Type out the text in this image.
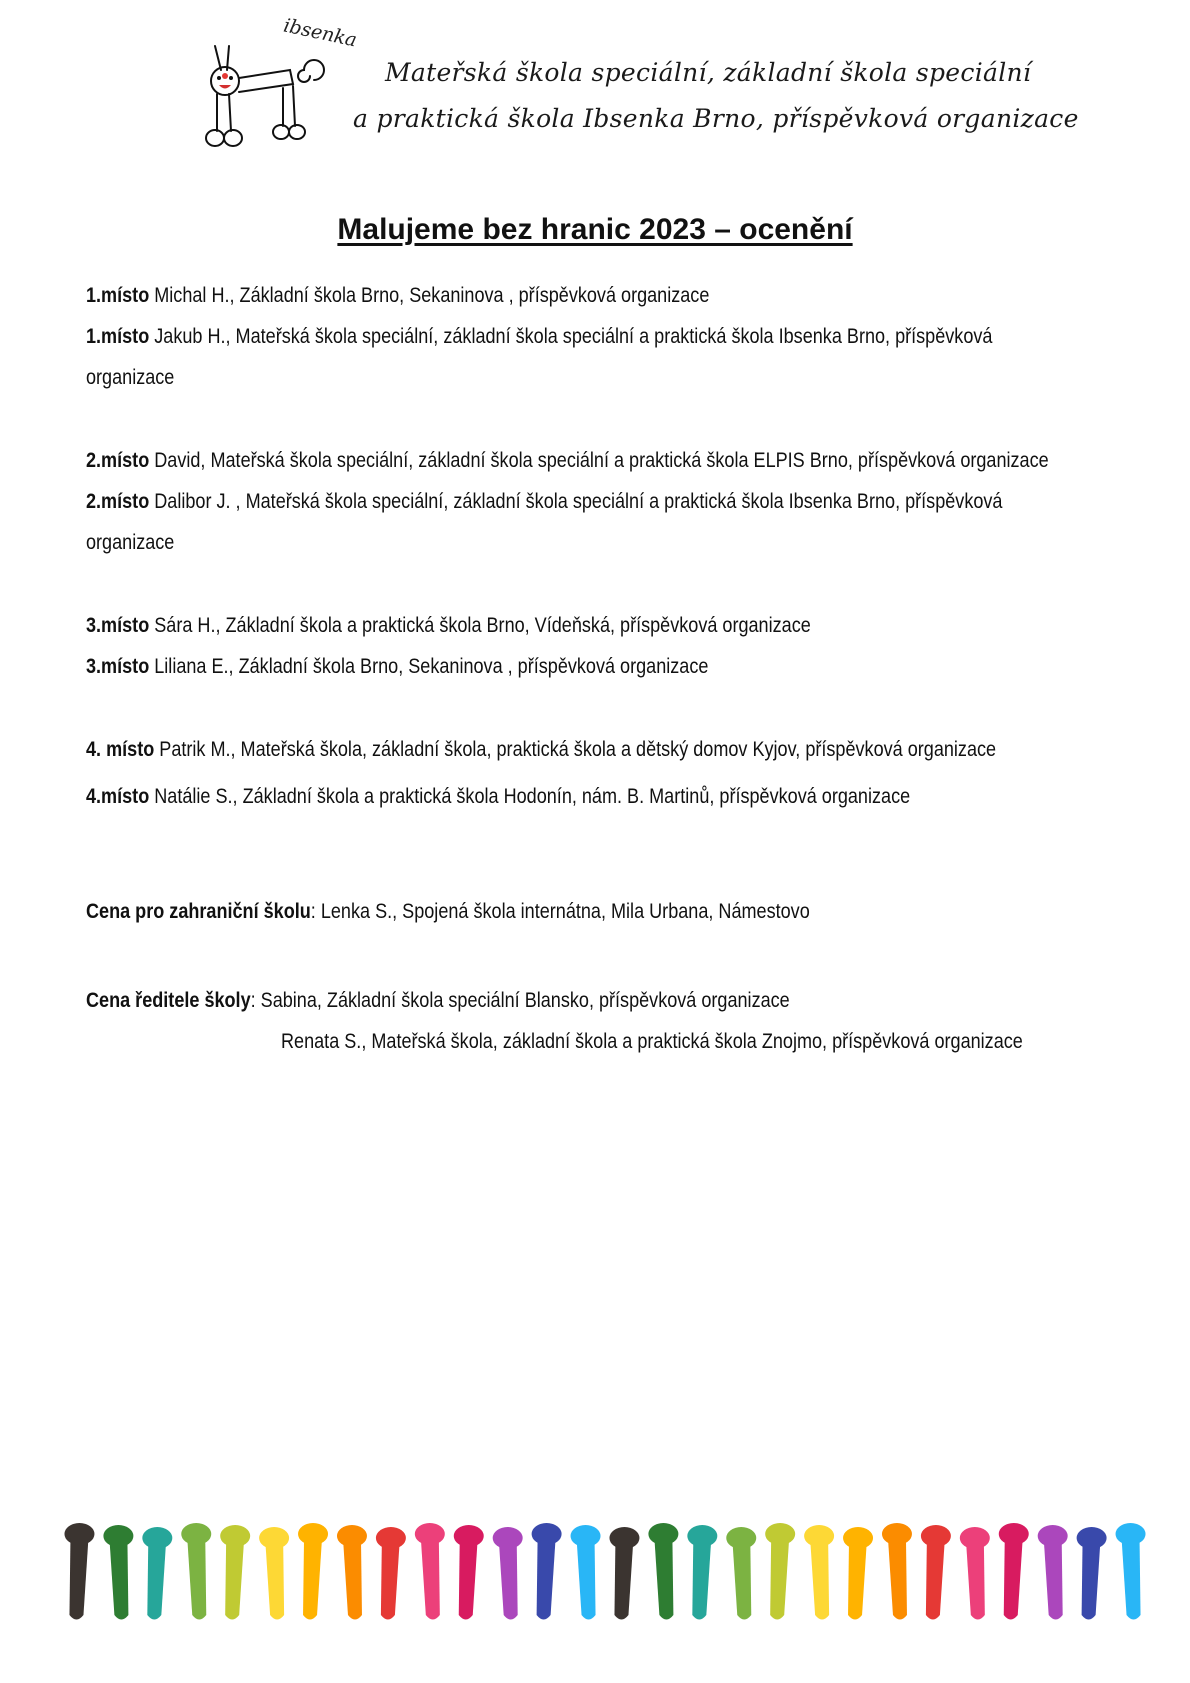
ibsenka
Mateřská škola speciální, základní škola speciální
a praktická škola Ibsenka Brno, příspěvková organizace
Malujeme bez hranic 2023 – ocenění
1.místo Michal H., Základní škola Brno, Sekaninova , příspěvková organizace
1.místo Jakub H., Mateřská škola speciální, základní škola speciální a praktická škola Ibsenka Brno, příspěvková
organizace
2.místo David, Mateřská škola speciální, základní škola speciální a praktická škola ELPIS Brno, příspěvková organizace
2.místo Dalibor J. , Mateřská škola speciální, základní škola speciální a praktická škola Ibsenka Brno, příspěvková
organizace
3.místo Sára H., Základní škola a praktická škola Brno, Vídeňská, příspěvková organizace
3.místo Liliana E., Základní škola Brno, Sekaninova , příspěvková organizace
4. místo Patrik M., Mateřská škola, základní škola, praktická škola a dětský domov Kyjov, příspěvková organizace
4.místo Natálie S., Základní škola a praktická škola Hodonín, nám. B. Martinů, příspěvková organizace
Cena pro zahraniční školu: Lenka S., Spojená škola internátna, Mila Urbana, Námestovo
Cena ředitele školy: Sabina, Základní škola speciální Blansko, příspěvková organizace
Renata S., Mateřská škola, základní škola a praktická škola Znojmo, příspěvková organizace
